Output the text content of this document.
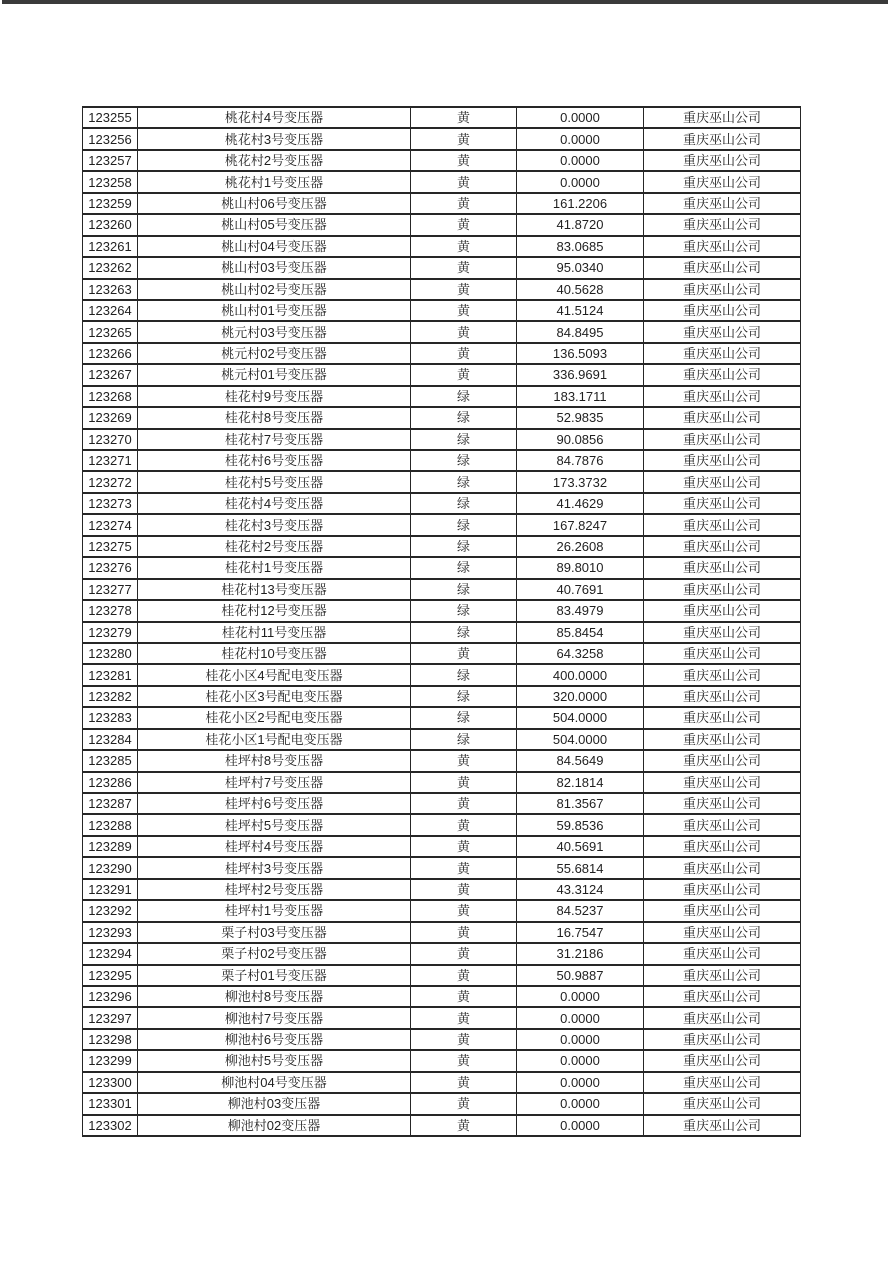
123255	桃花村4号变压器	黄	0.0000	重庆巫山公司
123256	桃花村3号变压器	黄	0.0000	重庆巫山公司
123257	桃花村2号变压器	黄	0.0000	重庆巫山公司
123258	桃花村1号变压器	黄	0.0000	重庆巫山公司
123259	桃山村06号变压器	黄	161.2206	重庆巫山公司
123260	桃山村05号变压器	黄	41.8720	重庆巫山公司
123261	桃山村04号变压器	黄	83.0685	重庆巫山公司
123262	桃山村03号变压器	黄	95.0340	重庆巫山公司
123263	桃山村02号变压器	黄	40.5628	重庆巫山公司
123264	桃山村01号变压器	黄	41.5124	重庆巫山公司
123265	桃元村03号变压器	黄	84.8495	重庆巫山公司
123266	桃元村02号变压器	黄	136.5093	重庆巫山公司
123267	桃元村01号变压器	黄	336.9691	重庆巫山公司
123268	桂花村9号变压器	绿	183.1711	重庆巫山公司
123269	桂花村8号变压器	绿	52.9835	重庆巫山公司
123270	桂花村7号变压器	绿	90.0856	重庆巫山公司
123271	桂花村6号变压器	绿	84.7876	重庆巫山公司
123272	桂花村5号变压器	绿	173.3732	重庆巫山公司
123273	桂花村4号变压器	绿	41.4629	重庆巫山公司
123274	桂花村3号变压器	绿	167.8247	重庆巫山公司
123275	桂花村2号变压器	绿	26.2608	重庆巫山公司
123276	桂花村1号变压器	绿	89.8010	重庆巫山公司
123277	桂花村13号变压器	绿	40.7691	重庆巫山公司
123278	桂花村12号变压器	绿	83.4979	重庆巫山公司
123279	桂花村11号变压器	绿	85.8454	重庆巫山公司
123280	桂花村10号变压器	黄	64.3258	重庆巫山公司
123281	桂花小区4号配电变压器	绿	400.0000	重庆巫山公司
123282	桂花小区3号配电变压器	绿	320.0000	重庆巫山公司
123283	桂花小区2号配电变压器	绿	504.0000	重庆巫山公司
123284	桂花小区1号配电变压器	绿	504.0000	重庆巫山公司
123285	桂坪村8号变压器	黄	84.5649	重庆巫山公司
123286	桂坪村7号变压器	黄	82.1814	重庆巫山公司
123287	桂坪村6号变压器	黄	81.3567	重庆巫山公司
123288	桂坪村5号变压器	黄	59.8536	重庆巫山公司
123289	桂坪村4号变压器	黄	40.5691	重庆巫山公司
123290	桂坪村3号变压器	黄	55.6814	重庆巫山公司
123291	桂坪村2号变压器	黄	43.3124	重庆巫山公司
123292	桂坪村1号变压器	黄	84.5237	重庆巫山公司
123293	栗子村03号变压器	黄	16.7547	重庆巫山公司
123294	栗子村02号变压器	黄	31.2186	重庆巫山公司
123295	栗子村01号变压器	黄	50.9887	重庆巫山公司
123296	柳池村8号变压器	黄	0.0000	重庆巫山公司
123297	柳池村7号变压器	黄	0.0000	重庆巫山公司
123298	柳池村6号变压器	黄	0.0000	重庆巫山公司
123299	柳池村5号变压器	黄	0.0000	重庆巫山公司
123300	柳池村04号变压器	黄	0.0000	重庆巫山公司
123301	柳池村03变压器	黄	0.0000	重庆巫山公司
123302	柳池村02变压器	黄	0.0000	重庆巫山公司
